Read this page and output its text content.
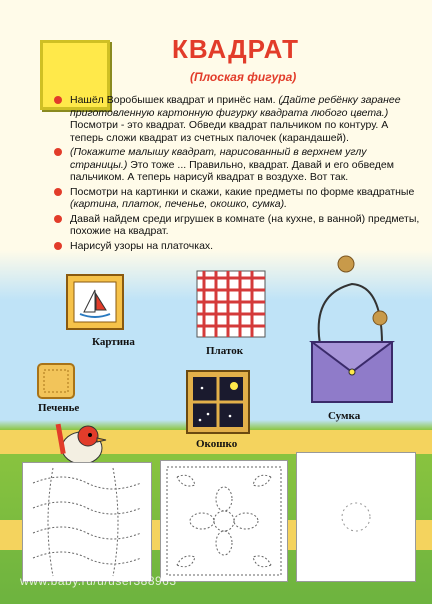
КВАДРАТ
(Плоская фигура)
Нашёл Воробышек квадрат и принёс нам. (Дайте ребёнку заранее приготовленную картонную фигурку квадрата любого цвета.) Посмотри - это квадрат. Обведи квадрат пальчиком по контуру. А теперь сложи квадрат из счетных палочек (карандашей).
(Покажите малышу квадрат, нарисованный в верхнем углу страницы.) Это тоже ... Правильно, квадрат. Давай и его обведем пальчиком. А теперь нарисуй квадрат в воздухе. Вот так.
Посмотри на картинки и скажи, какие предметы по форме квадратные (картина, платок, печенье, окошко, сумка).
Давай найдем среди игрушек в комнате (на кухне, в ванной) предметы, похожие на квадрат.
Нарисуй узоры на платочках.
Картина
Платок
Печенье
Окошко
Сумка
www.baby.ru/u/user388963
